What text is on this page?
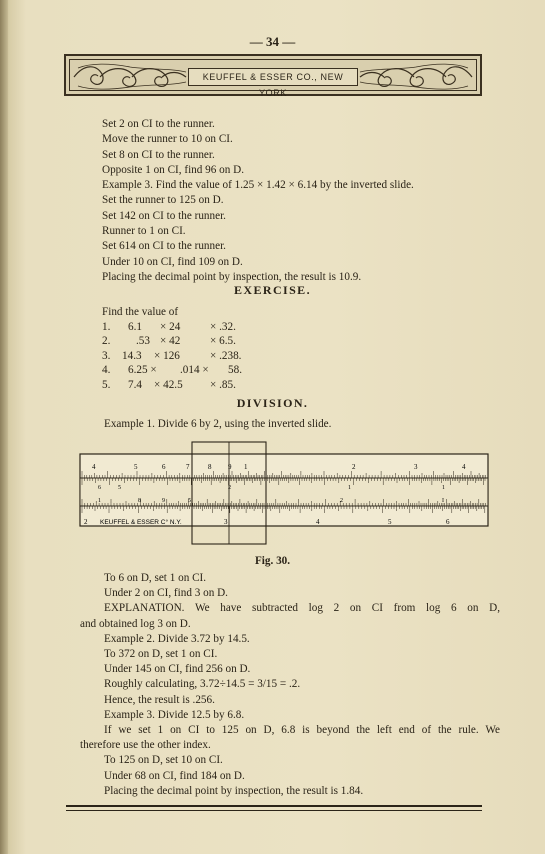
— 34 —
KEUFFEL & ESSER CO., NEW YORK
Set 2 on CI to the runner.
Move the runner to 10 on CI.
Set 8 on CI to the runner.
Opposite 1 on CI, find 96 on D.
Example 3. Find the value of 1.25 × 1.42 × 6.14 by the inverted slide.
Set the runner to 125 on D.
Set 142 on CI to the runner.
Runner to 1 on CI.
Set 614 on CI to the runner.
Under 10 on CI, find 109 on D.
Placing the decimal point by inspection, the result is 10.9.
EXERCISE.
Find the value of
1. 6.1 × 24	× .32.
2. .53 × 42	× 6.5.
3. 14.3 × 126	× .238.
4. 6.25 × .014 × 58.
5. 7.4 × 42.5 × .85.
DIVISION.
Example 1. Divide 6 by 2, using the inverted slide.
4	5	6	7	8 9 1	2	3	4
6	5	2	1	1
1	8	9	5	2	I
2	3	4	5	6
KEUFFEL & ESSER C° N.Y.
Fig. 30.
To 6 on D, set 1 on CI.
Under 2 on CI, find 3 on D.
EXPLANATION. We have subtracted log 2 on CI from log 6 on D,
and obtained log 3 on D.
Example 2. Divide 3.72 by 14.5.
To 372 on D, set 1 on CI.
Under 145 on CI, find 256 on D.
Roughly calculating, 3.72÷14.5 = 3/15 = .2.
Hence, the result is .256.
Example 3. Divide 12.5 by 6.8.
If we set 1 on CI to 125 on D, 6.8 is beyond the left end of the rule. We
therefore use the other index.
To 125 on D, set 10 on CI.
Under 68 on CI, find 184 on D.
Placing the decimal point by inspection, the result is 1.84.
